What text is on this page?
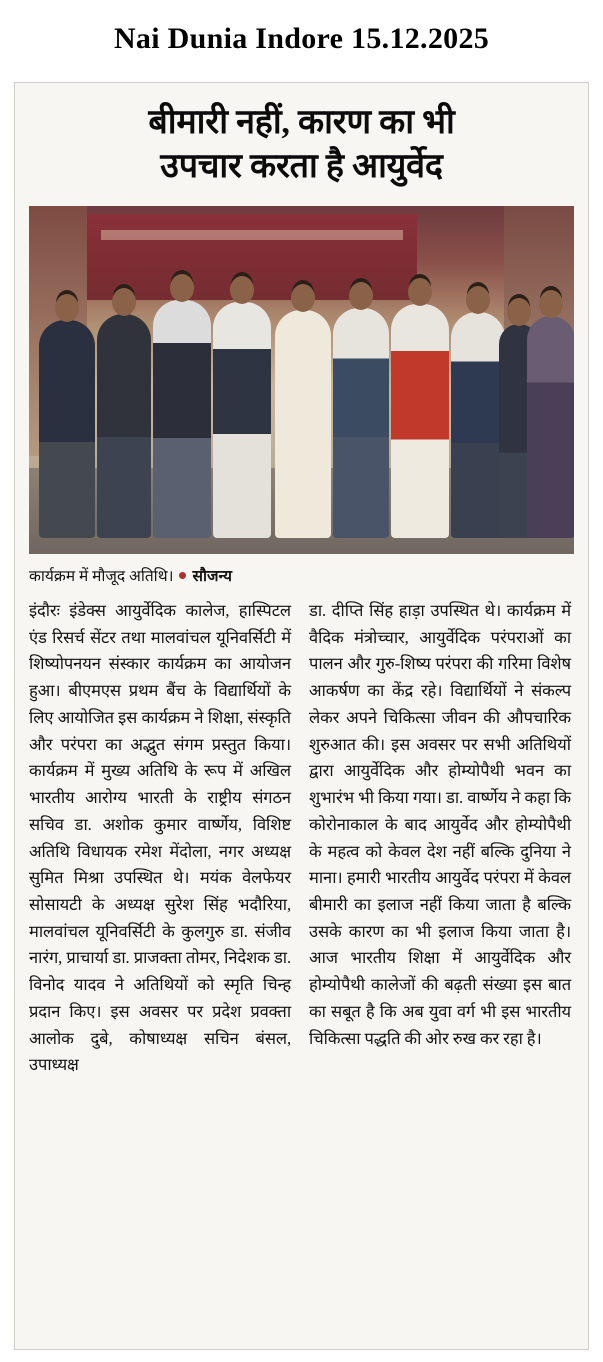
Nai Dunia Indore 15.12.2025
बीमारी नहीं, कारण का भी
उपचार करता है आयुर्वेद
कार्यक्रम में मौजूद अतिथि। सौजन्य

इंदौरः इंडेक्स आयुर्वेदिक कालेज, हास्पिटल एंड रिसर्च सेंटर तथा मालवांचल यूनिवर्सिटी में शिष्योपनयन संस्कार कार्यक्रम का आयोजन हुआ। बीएमएस प्रथम बैंच के विद्यार्थियों के लिए आयोजित इस कार्यक्रम ने शिक्षा, संस्कृति और परंपरा का अद्भुत संगम प्रस्तुत किया। कार्यक्रम में मुख्य अतिथि के रूप में अखिल भारतीय आरोग्य भारती के राष्ट्रीय संगठन सचिव डा. अशोक कुमार वार्ष्णेय, विशिष्ट अतिथि विधायक रमेश मेंदोला, नगर अध्यक्ष सुमित मिश्रा उपस्थित थे। मयंक वेलफेयर सोसायटी के अध्यक्ष सुरेश सिंह भदौरिया, मालवांचल यूनिवर्सिटी के कुलगुरु डा. संजीव नारंग, प्राचार्या डा. प्राजक्ता तोमर, निदेशक डा. विनोद यादव ने अतिथियों को स्मृति चिन्ह प्रदान किए। इस अवसर पर प्रदेश प्रवक्ता आलोक दुबे, कोषाध्यक्ष सचिन बंसल, उपाध्यक्ष

डा. दीप्ति सिंह हाड़ा उपस्थित थे। कार्यक्रम में वैदिक मंत्रोच्चार, आयुर्वेदिक परंपराओं का पालन और गुरु-शिष्य परंपरा की गरिमा विशेष आकर्षण का केंद्र रहे। विद्यार्थियों ने संकल्प लेकर अपने चिकित्सा जीवन की औपचारिक शुरुआत की। इस अवसर पर सभी अतिथियों द्वारा आयुर्वेदिक और होम्योपैथी भवन का शुभारंभ भी किया गया। डा. वार्ष्णेय ने कहा कि कोरोनाकाल के बाद आयुर्वेद और होम्योपैथी के महत्व को केवल देश नहीं बल्कि दुनिया ने माना। हमारी भारतीय आयुर्वेद परंपरा में केवल बीमारी का इलाज नहीं किया जाता है बल्कि उसके कारण का भी इलाज किया जाता है। आज भारतीय शिक्षा में आयुर्वेदिक और होम्योपैथी कालेजों की बढ़ती संख्या इस बात का सबूत है कि अब युवा वर्ग भी इस भारतीय चिकित्सा पद्धति की ओर रुख कर रहा है।
